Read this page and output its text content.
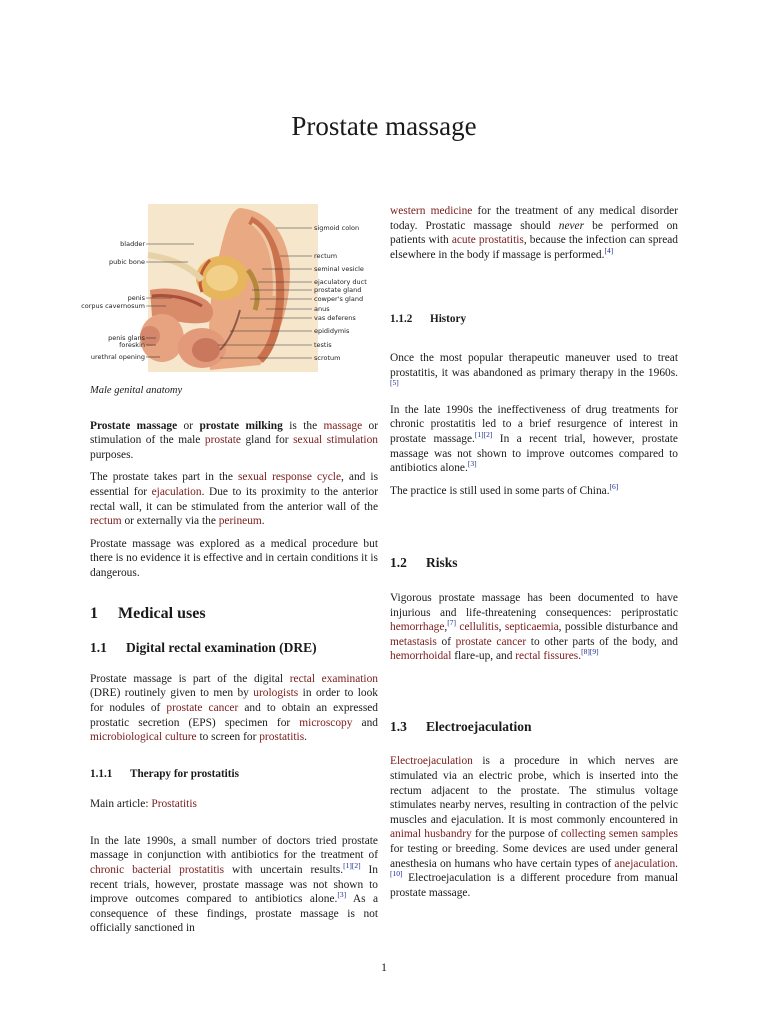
Prostate massage
bladder
pubic bone
penis
corpus cavernosum
penis glans
foreskin
urethral opening
sigmoid colon
rectum
seminal vesicle
ejaculatory duct
prostate gland
cowper's gland
anus
vas deferens
epididymis
testis
scrotum
Male genital anatomy

Prostate massage or prostate milking is the massage or stimulation of the male prostate gland for sexual stimulation purposes.

The prostate takes part in the sexual response cycle, and is essential for ejaculation. Due to its proximity to the anterior rectal wall, it can be stimulated from the anterior wall of the rectum or externally via the perineum.

Prostate massage was explored as a medical procedure but there is no evidence it is effective and in certain conditions it is dangerous.

1 Medical uses
1.1 Digital rectal examination (DRE)

Prostate massage is part of the digital rectal examination (DRE) routinely given to men by urologists in order to look for nodules of prostate cancer and to obtain an expressed prostatic secretion (EPS) specimen for microscopy and microbiological culture to screen for prostatitis.

1.1.1 Therapy for prostatitis

Main article: Prostatitis

In the late 1990s, a small number of doctors tried prostate massage in conjunction with antibiotics for the treatment of chronic bacterial prostatitis with uncertain results.[1][2] In recent trials, however, prostate massage was not shown to improve outcomes compared to antibiotics alone.[3] As a consequence of these findings, prostate massage is not officially sanctioned in

western medicine for the treatment of any medical disorder today. Prostatic massage should never be performed on patients with acute prostatitis, because the infection can spread elsewhere in the body if massage is performed.[4]

1.1.2 History

Once the most popular therapeutic maneuver used to treat prostatitis, it was abandoned as primary therapy in the 1960s.[5]

In the late 1990s the ineffectiveness of drug treatments for chronic prostatitis led to a brief resurgence of interest in prostate massage.[1][2] In a recent trial, however, prostate massage was not shown to improve outcomes compared to antibiotics alone.[3]

The practice is still used in some parts of China.[6]

1.2 Risks

Vigorous prostate massage has been documented to have injurious and life-threatening consequences: periprostatic hemorrhage,[7] cellulitis, septicaemia, possible disturbance and metastasis of prostate cancer to other parts of the body, and hemorrhoidal flare-up, and rectal fissures.[8][9]

1.3 Electroejaculation

Electroejaculation is a procedure in which nerves are stimulated via an electric probe, which is inserted into the rectum adjacent to the prostate. The stimulus voltage stimulates nearby nerves, resulting in contraction of the pelvic muscles and ejaculation. It is most commonly encountered in animal husbandry for the purpose of collecting semen samples for testing or breeding. Some devices are used under general anesthesia on humans who have certain types of anejaculation.[10] Electroejaculation is a different procedure from manual prostate massage.

1
